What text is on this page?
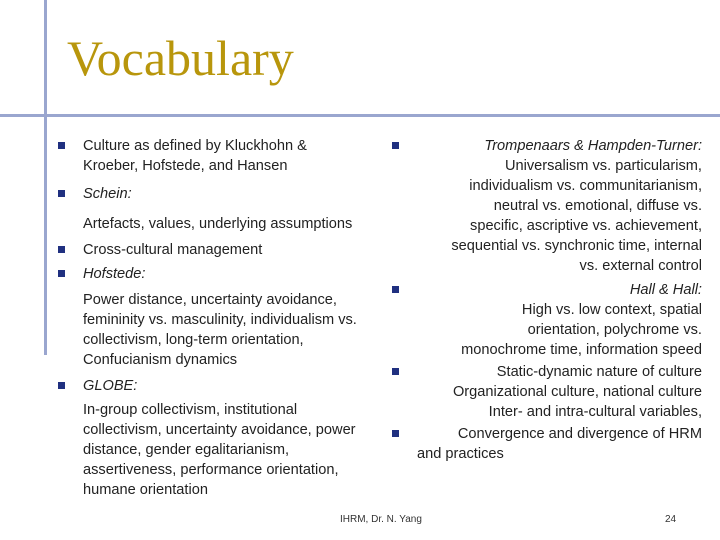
Vocabulary
Culture as defined by Kluckhohn &
Kroeber, Hofstede, and Hansen
Schein:
Artefacts, values, underlying assumptions
Cross-cultural management
Hofstede:
Power distance, uncertainty avoidance,
femininity vs. masculinity, individualism vs.
collectivism, long-term orientation,
Confucianism dynamics
GLOBE:
In-group collectivism, institutional
collectivism, uncertainty avoidance, power
distance, gender egalitarianism,
assertiveness, performance orientation,
humane orientation
Trompenaars & Hampden-Turner:
Universalism vs. particularism,
individualism vs. communitarianism,
neutral vs. emotional, diffuse vs.
specific, ascriptive vs. achievement,
sequential vs. synchronic time, internal
vs. external control
Hall & Hall:
High vs. low context, spatial
orientation, polychrome vs.
monochrome time, information speed
Static-dynamic nature of culture
Organizational culture, national culture
Inter- and intra-cultural variables,
Convergence and divergence of HRM
and practices
IHRM, Dr. N. Yang	24
